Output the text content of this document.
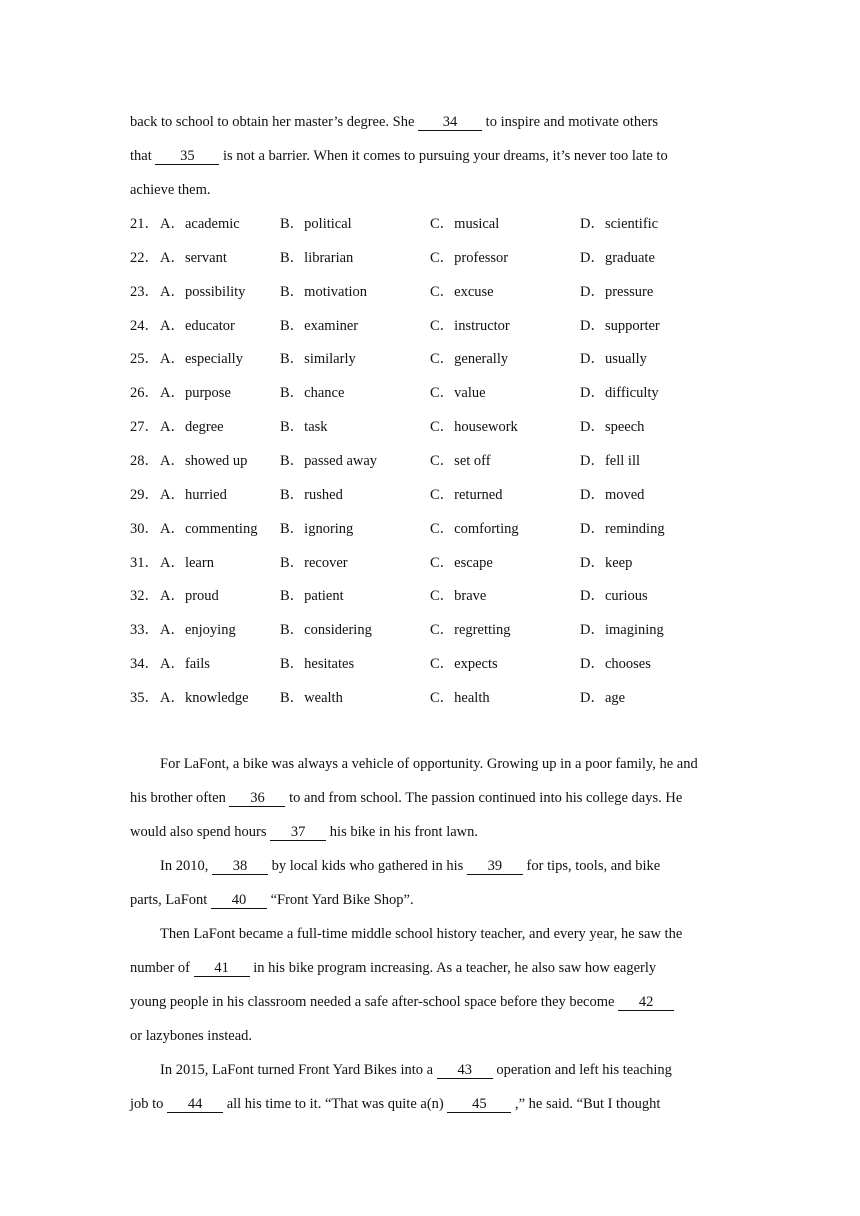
back to school to obtain her master’s degree. She 34 to inspire and motivate others
that 35 is not a barrier. When it comes to pursuing your dreams, it’s never too late to
achieve them.
21． A．academic	B．political	C．musical	D．scientific
22． A．servant	B．librarian	C．professor	D．graduate
23． A．possibility B．motivation	C．excuse	D．pressure
24． A．educator	B．examiner	C．instructor	D．supporter
25． A．especially	B．similarly	C．generally	D．usually
26． A．purpose	B．chance	C．value	D．difficulty
27． A．degree	B．task	C．housework	D．speech
28． A．showed up B．passed away	C．set off	D．fell ill
29． A．hurried	B．rushed	C．returned	D．moved
30． A．commenting B．ignoring	C．comforting	D．reminding
31． A．learn	B．recover	C．escape	D．keep
32． A．proud	B．patient	C．brave	D．curious
33． A．enjoying	B．considering	C．regretting	D．imagining
34． A．fails	B．hesitates	C．expects	D．chooses
35． A．knowledge B．wealth	C．health	D．age
For LaFont, a bike was always a vehicle of opportunity. Growing up in a poor family, he and
his brother often 36 to and from school. The passion continued into his college days. He
would also spend hours 37 his bike in his front lawn.
In 2010, 38 by local kids who gathered in his 39 for tips, tools, and bike
parts, LaFont 40 “Front Yard Bike Shop”.
Then LaFont became a full-time middle school history teacher, and every year, he saw the
number of 41 in his bike program increasing. As a teacher, he also saw how eagerly
young people in his classroom needed a safe after-school space before they become 42
or lazybones instead.
In 2015, LaFont turned Front Yard Bikes into a 43 operation and left his teaching
job to 44 all his time to it. “That was quite a(n) 45 ,” he said. “But I thought
